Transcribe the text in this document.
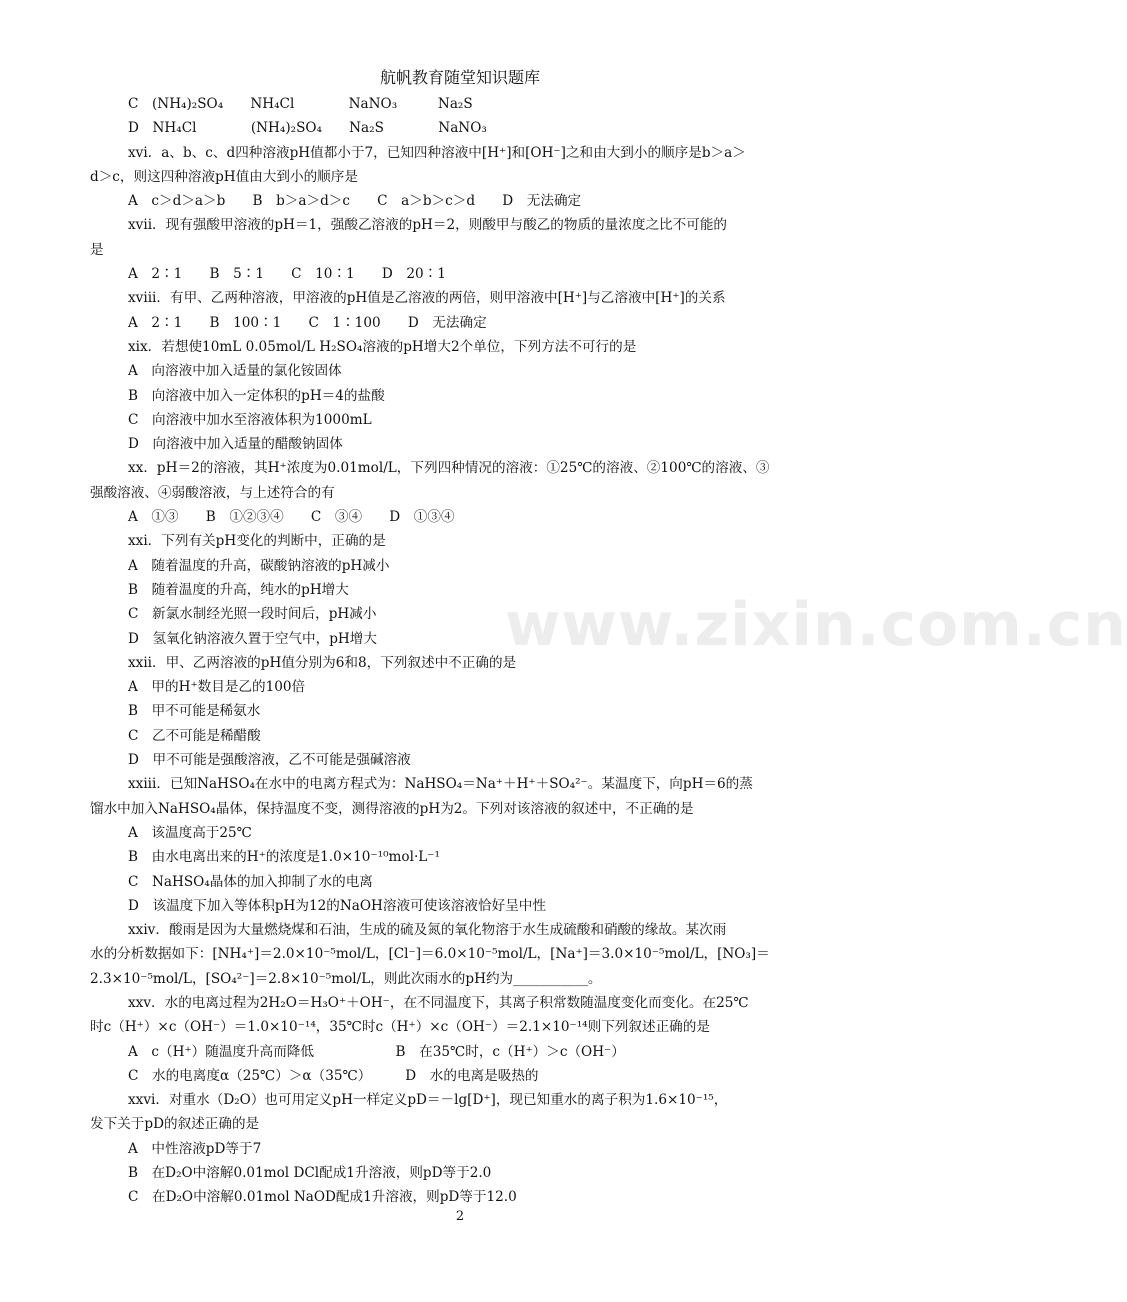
航帆教育随堂知识题库
www.zixin.com.cn
C　(NH₄)₂SO₄　　NH₄Cl　　　　NaNO₃　　　Na₂S
D　NH₄Cl　　　　(NH₄)₂SO₄　　Na₂S　　　　NaNO₃
xvi．a、b、c、d四种溶液pH值都小于7，已知四种溶液中[H⁺]和[OH⁻]之和由大到小的顺序是b＞a＞
d＞c，则这四种溶液pH值由大到小的顺序是
A　c＞d＞a＞b　　B　b＞a＞d＞c　　C　a＞b＞c＞d　　D　无法确定
xvii．现有强酸甲溶液的pH＝1，强酸乙溶液的pH＝2，则酸甲与酸乙的物质的量浓度之比不可能的
是
A　2∶1　　B　5∶1　　C　10∶1　　D　20∶1
xviii．有甲、乙两种溶液，甲溶液的pH值是乙溶液的两倍，则甲溶液中[H⁺]与乙溶液中[H⁺]的关系
A　2∶1　　B　100∶1　　C　1∶100　　D　无法确定
xix．若想使10mL 0.05mol/L H₂SO₄溶液的pH增大2个单位，下列方法不可行的是
A　向溶液中加入适量的氯化铵固体
B　向溶液中加入一定体积的pH＝4的盐酸
C　向溶液中加水至溶液体积为1000mL
D　向溶液中加入适量的醋酸钠固体
xx．pH＝2的溶液，其H⁺浓度为0.01mol/L，下列四种情况的溶液：①25℃的溶液、②100℃的溶液、③
强酸溶液、④弱酸溶液，与上述符合的有
A　①③　　B　①②③④　　C　③④　　D　①③④
xxi．下列有关pH变化的判断中，正确的是
A　随着温度的升高，碳酸钠溶液的pH减小
B　随着温度的升高，纯水的pH增大
C　新氯水制经光照一段时间后，pH减小
D　氢氧化钠溶液久置于空气中，pH增大
xxii．甲、乙两溶液的pH值分别为6和8，下列叙述中不正确的是
A　甲的H⁺数目是乙的100倍
B　甲不可能是稀氨水
C　乙不可能是稀醋酸
D　甲不可能是强酸溶液，乙不可能是强碱溶液
xxiii．已知NaHSO₄在水中的电离方程式为：NaHSO₄＝Na⁺＋H⁺＋SO₄²⁻。某温度下，向pH＝6的蒸
馏水中加入NaHSO₄晶体，保持温度不变，测得溶液的pH为2。下列对该溶液的叙述中，不正确的是
A　该温度高于25℃
B　由水电离出来的H⁺的浓度是1.0×10⁻¹⁰mol·L⁻¹
C　NaHSO₄晶体的加入抑制了水的电离
D　该温度下加入等体积pH为12的NaOH溶液可使该溶液恰好呈中性
xxiv．酸雨是因为大量燃烧煤和石油，生成的硫及氮的氧化物溶于水生成硫酸和硝酸的缘故。某次雨
水的分析数据如下：[NH₄⁺]＝2.0×10⁻⁵mol/L，[Cl⁻]＝6.0×10⁻⁵mol/L，[Na⁺]＝3.0×10⁻⁵mol/L，[NO₃]＝
2.3×10⁻⁵mol/L，[SO₄²⁻]＝2.8×10⁻⁵mol/L，则此次雨水的pH约为___________。
xxv．水的电离过程为2H₂O＝H₃O⁺＋OH⁻，在不同温度下，其离子积常数随温度变化而变化。在25℃
时c（H⁺）×c（OH⁻）＝1.0×10⁻¹⁴，35℃时c（H⁺）×c（OH⁻）＝2.1×10⁻¹⁴则下列叙述正确的是
A　c（H⁺）随温度升高而降低　　　　　　B　在35℃时，c（H⁺）＞c（OH⁻）
C　水的电离度α（25℃）＞α（35℃）　　　D　水的电离是吸热的
xxvi．对重水（D₂O）也可用定义pH一样定义pD＝－lg[D⁺]，现已知重水的离子积为1.6×10⁻¹⁵，
发下关于pD的叙述正确的是
A　中性溶液pD等于7
B　在D₂O中溶解0.01mol DCl配成1升溶液，则pD等于2.0
C　在D₂O中溶解0.01mol NaOD配成1升溶液，则pD等于12.0
2
